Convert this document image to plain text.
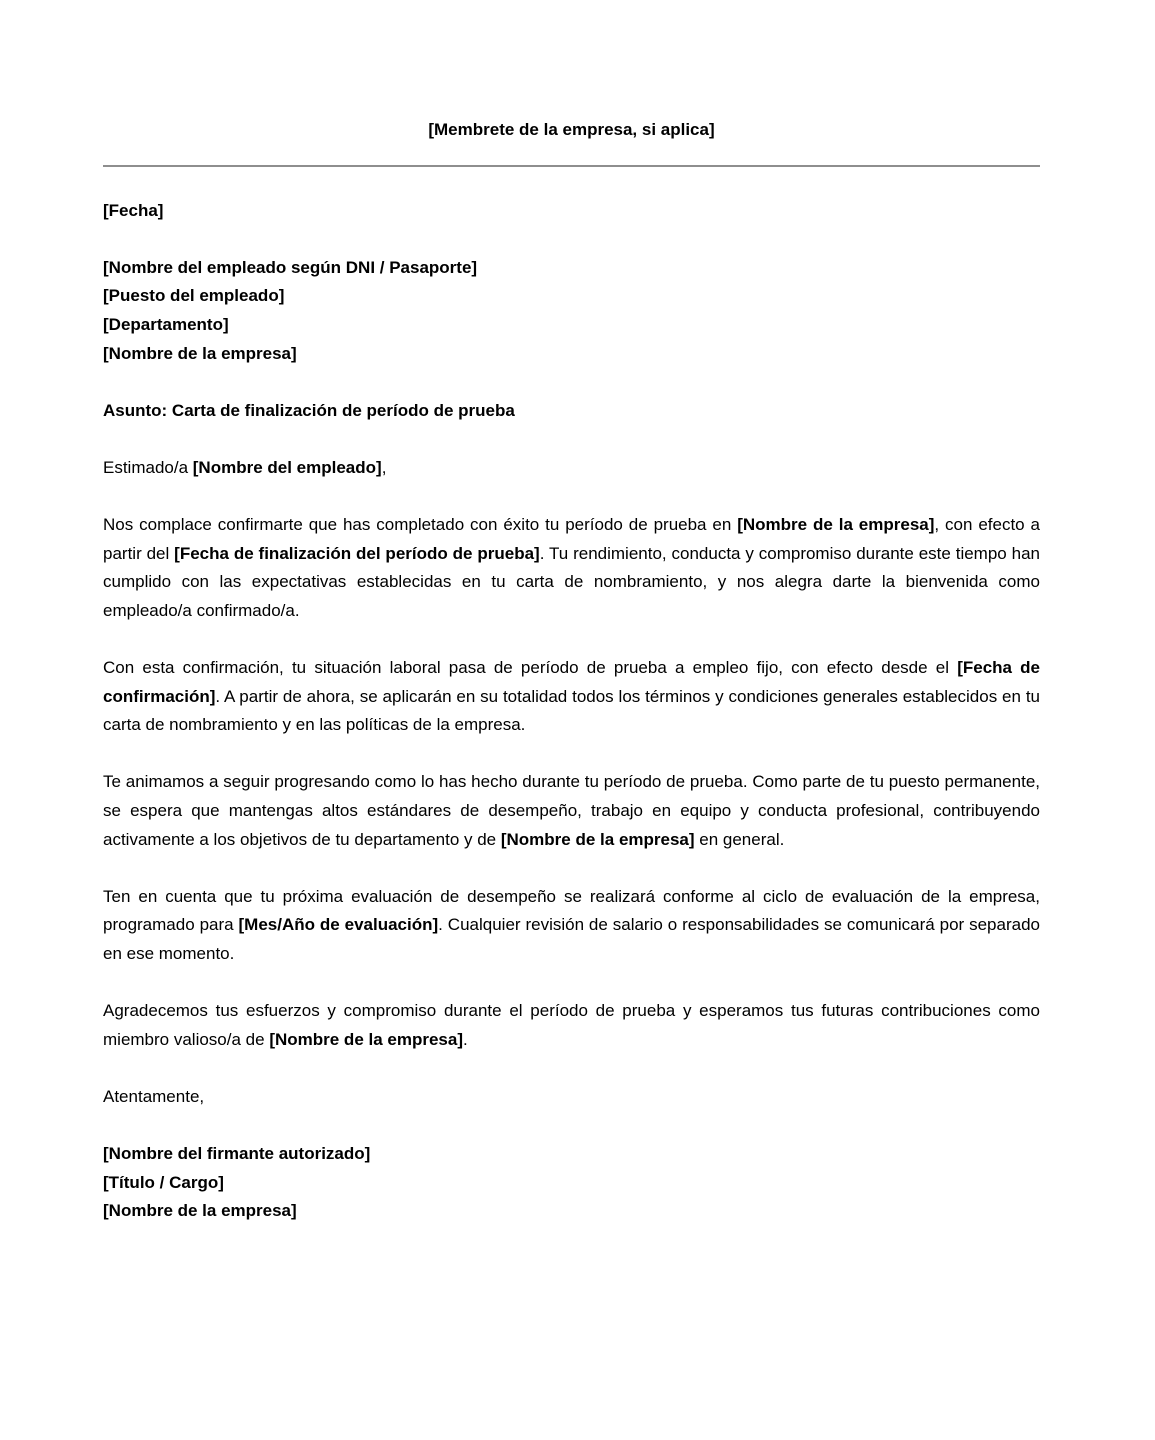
[Membrete de la empresa, si aplica]

[Fecha]

[Nombre del empleado según DNI / Pasaporte]
[Puesto del empleado]
[Departamento]
[Nombre de la empresa]

Asunto: Carta de finalización de período de prueba

Estimado/a [Nombre del empleado],

Nos complace confirmarte que has completado con éxito tu período de prueba en [Nombre de la empresa], con efecto a partir del [Fecha de finalización del período de prueba]. Tu rendimiento, conducta y compromiso durante este tiempo han cumplido con las expectativas establecidas en tu carta de nombramiento, y nos alegra darte la bienvenida como empleado/a confirmado/a.

Con esta confirmación, tu situación laboral pasa de período de prueba a empleo fijo, con efecto desde el [Fecha de confirmación]. A partir de ahora, se aplicarán en su totalidad todos los términos y condiciones generales establecidos en tu carta de nombramiento y en las políticas de la empresa.

Te animamos a seguir progresando como lo has hecho durante tu período de prueba. Como parte de tu puesto permanente, se espera que mantengas altos estándares de desempeño, trabajo en equipo y conducta profesional, contribuyendo activamente a los objetivos de tu departamento y de [Nombre de la empresa] en general.

Ten en cuenta que tu próxima evaluación de desempeño se realizará conforme al ciclo de evaluación de la empresa, programado para [Mes/Año de evaluación]. Cualquier revisión de salario o responsabilidades se comunicará por separado en ese momento.

Agradecemos tus esfuerzos y compromiso durante el período de prueba y esperamos tus futuras contribuciones como miembro valioso/a de [Nombre de la empresa].

Atentamente,

[Nombre del firmante autorizado]
[Título / Cargo]
[Nombre de la empresa]
